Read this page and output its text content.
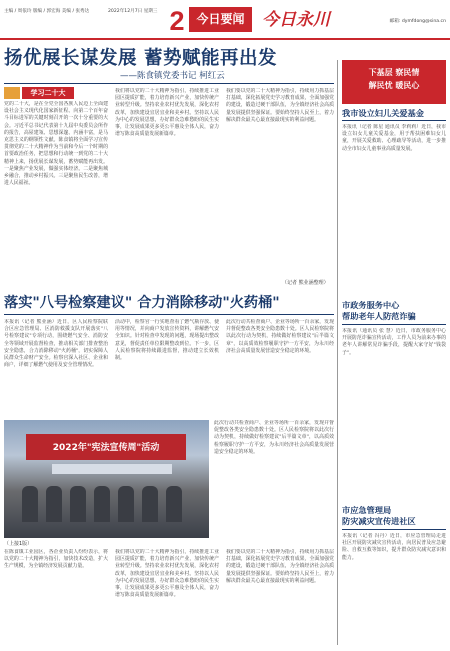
主编 / 周依玲 版编 / 郭宏海 美编 / 张秀达	2022年12月7日 星期三 2 今日要闻	今日永川	邮箱: dymfdong@sina.cn
扬优展长谋发展 蓄势赋能再出发
——陈食镇党委书记 柯红云
学习二十大
党的二十大，是在全党全国各族人民迈上全面建设社会主义现代化国家新征程、向第二个百年奋斗目标进军的关键时刻召开的一次十分重要的大会。习近平总书记代表第十九届中央委员会所作的报告，高屋建瓴、思想深邃、内涵丰富，是马克思主义的纲领性文献。陈食镇将全面学习宣传贯彻党的二十大精神作为当前和今后一个时期的首要政治任务，把思想和行动统一到党的二十大精神上来，扬优展长谋发展，蓄势赋能再出发。一是聚焦产业发展，做强实体经济。二是聚焦城乡融合，推动乡村振兴。三是聚焦民生改善，增进人民福祉。
我们将以党的二十大精神为指引，持续推进工业园区提质扩能，着力培育新兴产业，加快传统产业转型升级。坚持农业农村优先发展，深化农村改革，加快建设宜居宜业和美乡村。坚持以人民为中心的发展思想，办好群众急难愁盼的民生实事，让发展成果更多更公平惠及全体人民，奋力谱写陈食高质量发展新篇章。
我们要以党的二十大精神为指引，持续用力抓基层打基础，深化拓展党史学习教育成果，全面加强党的建设，锻造过硬干部队伍，为全镇经济社会高质量发展提供坚强保证。要始终坚持人民至上，着力解决群众最关心最直接最现实的利益问题。
（记者 熊业涵整理）
落实"八号检察建议" 合力消除移动"火药桶"
本报讯（记者 熊业涵）近日，区人民检察院联合区应急管理局、区消防救援支队开展落实"八号检察建议"专项行动，围绕燃气安全、消防安全等领域开展监督检查，推动相关部门排查整治安全隐患，合力消除移动"火药桶"，切实保障人民群众生命财产安全。检察官深入社区、企业和商户，详细了解燃气使用及安全管理情况。
活动中，检察官一行实地查看了燃气瓶存放、使用等情况，并向商户发放宣传资料，讲解燃气安全知识。针对检查中发现的问题，现场提出整改意见，督促责任单位限期整改到位。下一步，区人民检察院将持续跟进监督，推动建立长效机制。
此次行动共检查商户、企业等场所一百余家，发现并督促整改各类安全隐患数十处。区人民检察院将以此次行动为契机，持续做好检察建议"后半篇文章"，以高质效检察履职守护一方平安，为永川经济社会高质量发展营造安全稳定的环境。
2022年"宪法宣传周"活动
此次行动共检查商户、企业等场所一百余家，发现并督促整改各类安全隐患数十处。区人民检察院将以此次行动为契机，持续做好检察建议"后半篇文章"，以高质效检察履职守护一方平安，为永川经济社会高质量发展营造安全稳定的环境。
（上接1版）
在陈食镇工业园区，各企业负责人纷纷表示，将以党的二十大精神为指引，加快技术改造，扩大生产规模，为全镇经济发展贡献力量。
我们将以党的二十大精神为指引，持续推进工业园区提质扩能，着力培育新兴产业，加快传统产业转型升级。坚持农业农村优先发展，深化农村改革，加快建设宜居宜业和美乡村。坚持以人民为中心的发展思想，办好群众急难愁盼的民生实事，让发展成果更多更公平惠及全体人民，奋力谱写陈食高质量发展新篇章。
我们要以党的二十大精神为指引，持续用力抓基层打基础，深化拓展党史学习教育成果，全面加强党的建设，锻造过硬干部队伍，为全镇经济社会高质量发展提供坚强保证。要始终坚持人民至上，着力解决群众最关心最直接最现实的利益问题。
下基层 察民情
解民忧 暖民心
我市设立妇儿关爱基金
本报讯（记者 陈星 通讯员 李莉莉）近日，我市设立妇女儿童关爱基金，用于帮扶困难妇女儿童，开展关爱救助、心理疏导等活动，进一步推动全市妇女儿童事业高质量发展。
市政务服务中心
帮助老年人防范诈骗
本报讯（通讯员 张 慧）近日，市政务服务中心开展防范诈骗宣传活动，工作人员为前来办事的老年人讲解常见诈骗手段，提醒大家守好"钱袋子"。
市应急管理局
防灾减灾宣传进社区
本报讯（记者 冯丹）近日，市应急管理局走进社区开展防灾减灾宣传活动，向居民普及应急避险、自救互救等知识，提升群众防灾减灾意识和能力。
